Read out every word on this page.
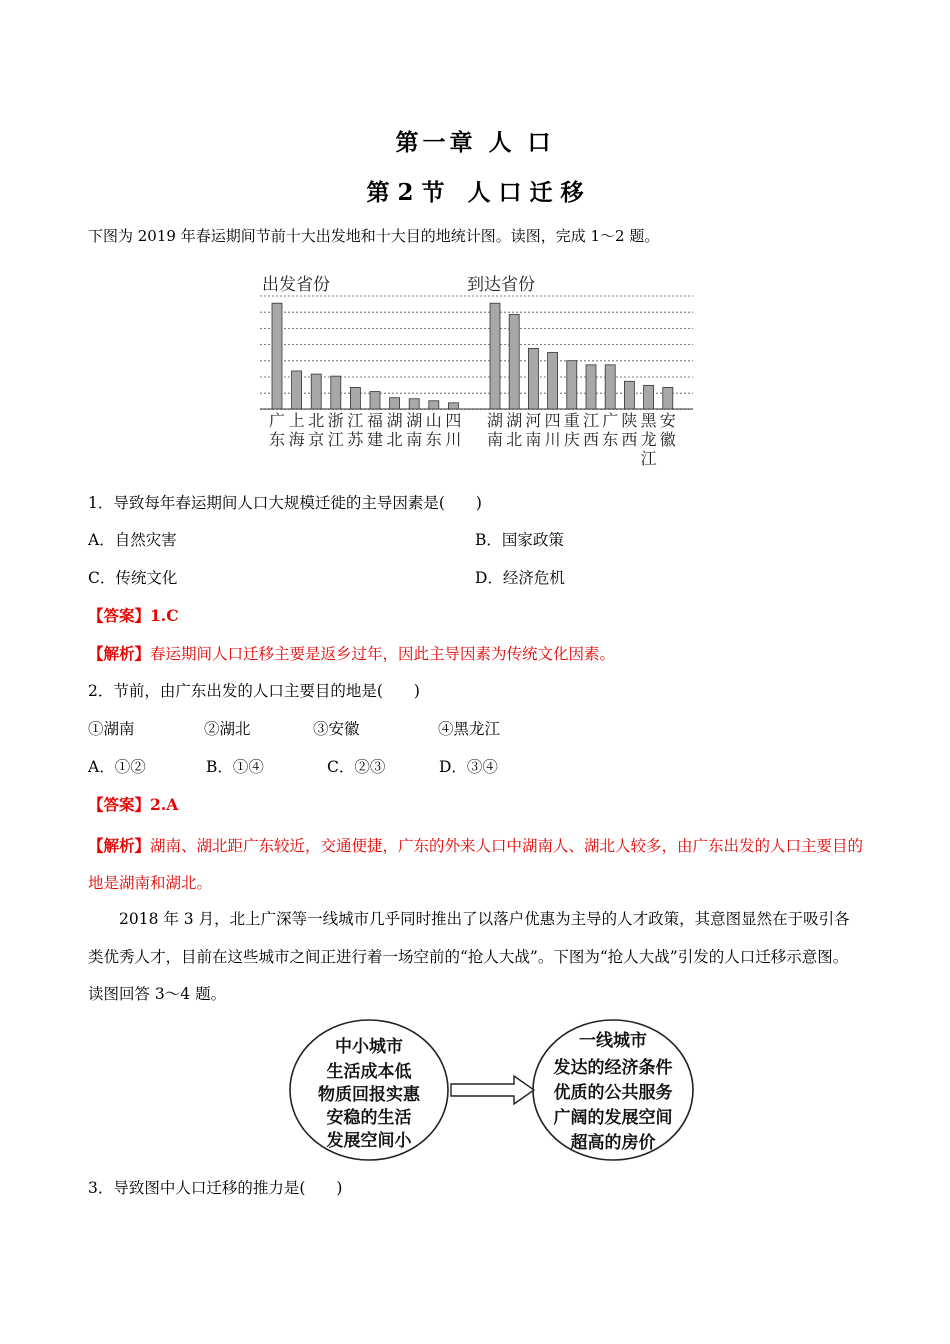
第一章 人 口
第 2 节　人 口 迁 移
下图为 2019 年春运期间节前十大出发地和十大目的地统计图。读图，完成 1～2 题。
广
东
上
海
北
京
浙
江
江
苏
福
建
湖
北
湖
南
山
东
四
川
湖
南
湖
北
河
南
四
川
重
庆
江
西
广
东
陕
西
黑
龙
江
安
徽
出发省份	到达省份
1．导致每年春运期间人口大规模迁徙的主导因素是(　　)
A．自然灾害	B．国家政策
C．传统文化	D．经济危机
【答案】1.C
【解析】春运期间人口迁移主要是返乡过年，因此主导因素为传统文化因素。
2．节前，由广东出发的人口主要目的地是(　　)
①湖南	②湖北	③安徽	④黑龙江
A．①②	B．①④	C．②③	D．③④
【答案】2.A
【解析】湖南、湖北距广东较近，交通便捷，广东的外来人口中湖南人、湖北人较多，由广东出发的人口主要目的地是湖南和湖北。
2018 年 3 月，北上广深等一线城市几乎同时推出了以落户优惠为主导的人才政策，其意图显然在于吸引各类优秀人才，目前在这些城市之间正进行着一场空前的“抢人大战”。下图为“抢人大战”引发的人口迁移示意图。读图回答 3～4 题。
中小城市
生活成本低
物质回报实惠
安稳的生活
发展空间小
一线城市
发达的经济条件
优质的公共服务
广阔的发展空间
超高的房价
3．导致图中人口迁移的推力是(　　)
